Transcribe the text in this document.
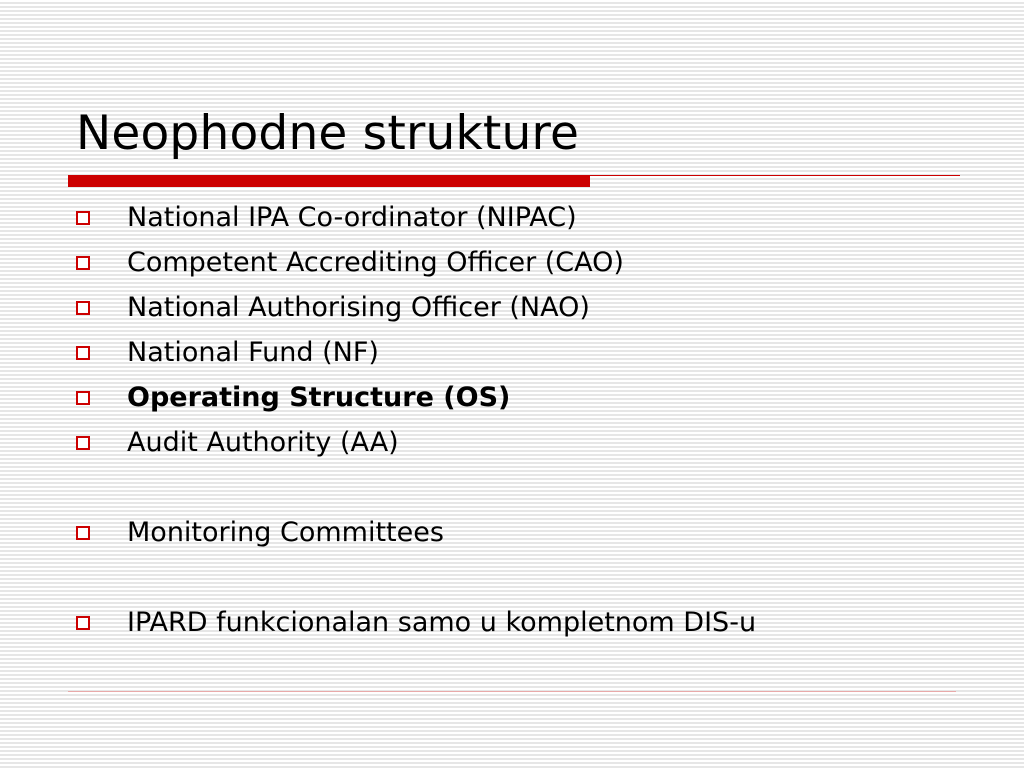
Neophodne strukture
National IPA Co-ordinator (NIPAC)
Competent Accrediting Officer (CAO)
National Authorising Officer (NAO)
National Fund (NF)
Operating Structure (OS)
Audit Authority (AA)
Monitoring Committees
IPARD funkcionalan samo u kompletnom DIS-u
